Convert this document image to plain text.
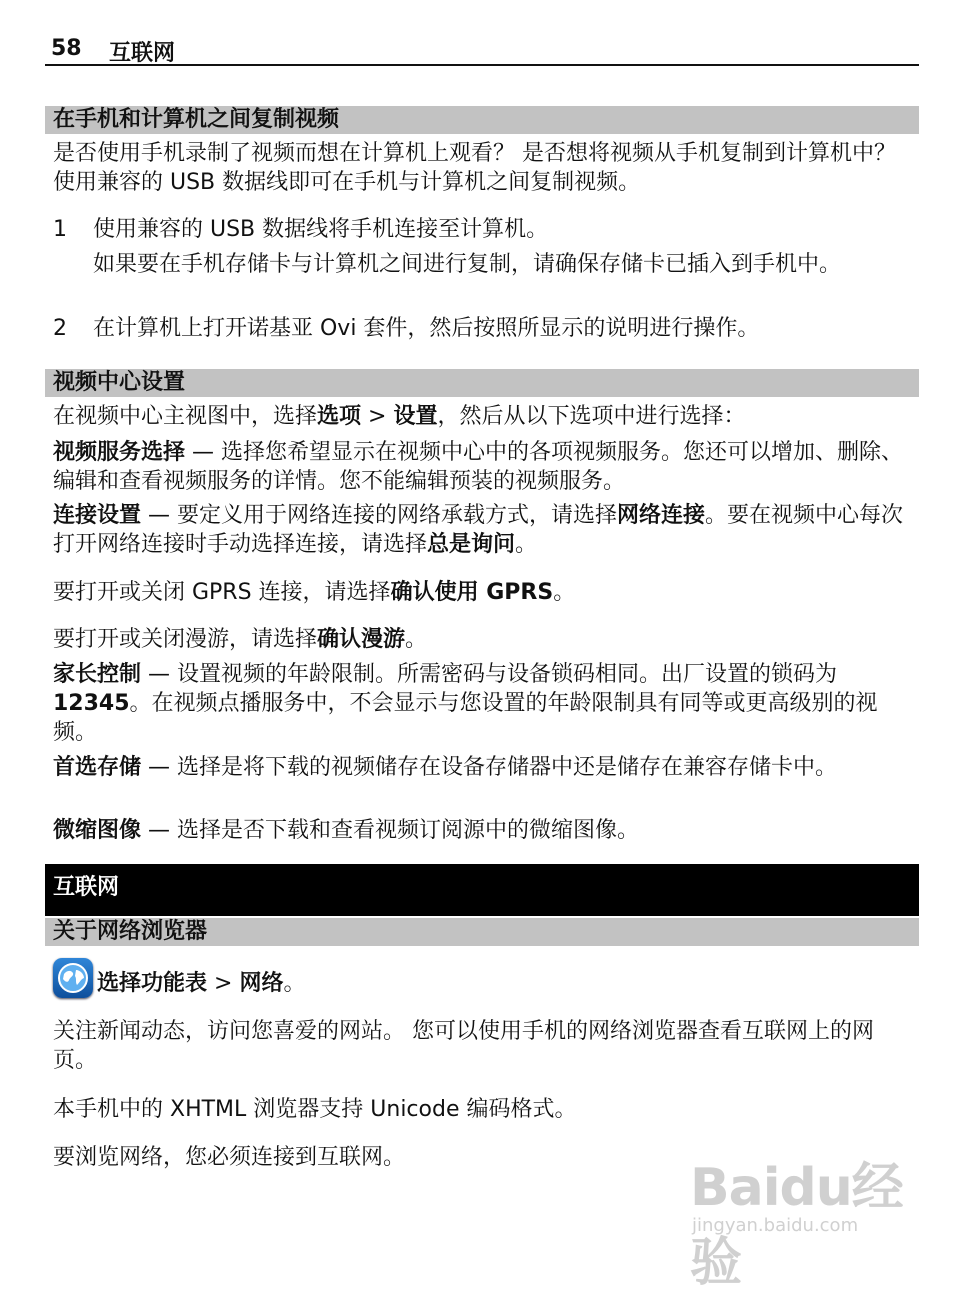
58 互联网
在手机和计算机之间复制视频

是否使用手机录制了视频而想在计算机上观看？ 是否想将视频从手机复制到计算机中？ 使用兼容的 USB 数据线即可在手机与计算机之间复制视频。

1 使用兼容的 USB 数据线将手机连接至计算机。

如果要在手机存储卡与计算机之间进行复制，请确保存储卡已插入到手机中。

2 在计算机上打开诺基亚 Ovi 套件，然后按照所显示的说明进行操作。

视频中心设置

在视频中心主视图中，选择选项 > 设置，然后从以下选项中进行选择：

视频服务选择 — 选择您希望显示在视频中心中的各项视频服务。您还可以增加、删除、编辑和查看视频服务的详情。您不能编辑预装的视频服务。

连接设置 — 要定义用于网络连接的网络承载方式，请选择网络连接。要在视频中心每次打开网络连接时手动选择连接，请选择总是询问。

要打开或关闭 GPRS 连接，请选择确认使用 GPRS。

要打开或关闭漫游，请选择确认漫游。

家长控制 — 设置视频的年龄限制。所需密码与设备锁码相同。出厂设置的锁码为 12345。在视频点播服务中，不会显示与您设置的年龄限制具有同等或更高级别的视频。

首选存储 — 选择是将下载的视频储存在设备存储器中还是储存在兼容存储卡中。

微缩图像 — 选择是否下载和查看视频订阅源中的微缩图像。

互联网
关于网络浏览器

选择功能表 > 网络。

关注新闻动态，访问您喜爱的网站。 您可以使用手机的网络浏览器查看互联网上的网页。

本手机中的 XHTML 浏览器支持 Unicode 编码格式。

要浏览网络，您必须连接到互联网。

Baidu经验
jingyan.baidu.com
